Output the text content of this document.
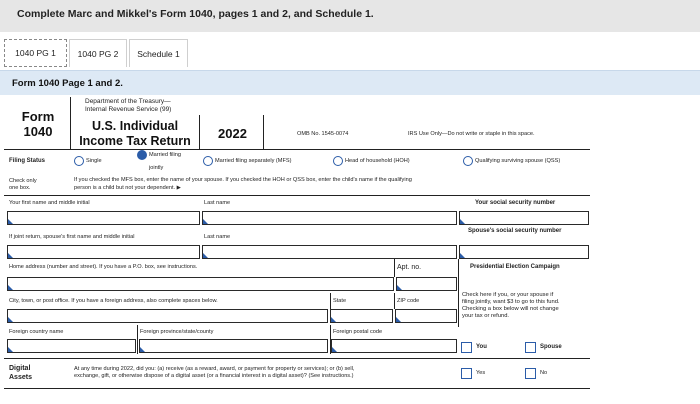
Complete Marc and Mikkel's Form 1040, pages 1 and 2, and Schedule 1.
1040 PG 1	1040 PG 2	Schedule 1
Form 1040 Page 1 and 2.
Form
1040
Department of the Treasury—
Internal Revenue Service (99)
U.S. Individual
Income Tax Return	2022	OMB No. 1545-0074	IRS Use Only—Do not write or staple in this space.
Filing Status	Single
Married filing
jointly
Married filing separately (MFS)	Head of household (HOH)	Qualifying surviving spouse (QSS)
Check only
one box.
If you checked the MFS box, enter the name of your spouse. If you checked the HOH or QSS box, enter the child's name if the qualifying
person is a child but not your dependent. ▶
Your first name and middle initial	Last name	Your social security number
If joint return, spouse's first name and middle initial	Last name
Spouse's social security number
Home address (number and street). If you have a P.O. box, see instructions.	Apt. no.	Presidential Election Campaign
City, town, or post office. If you have a foreign address, also complete spaces below.	State	ZIP code
Check here if you, or your spouse if
filing jointly, want $3 to go to this fund.
Checking a box below will not change
your tax or refund.
Foreign country name	Foreign province/state/county	Foreign postal code
You	Spouse
Digital
Assets
At any time during 2022, did you: (a) receive (as a reward, award, or payment for property or services); or (b) sell,
exchange, gift, or otherwise dispose of a digital asset (or a financial interest in a digital asset)? (See instructions.)	Yes	No
